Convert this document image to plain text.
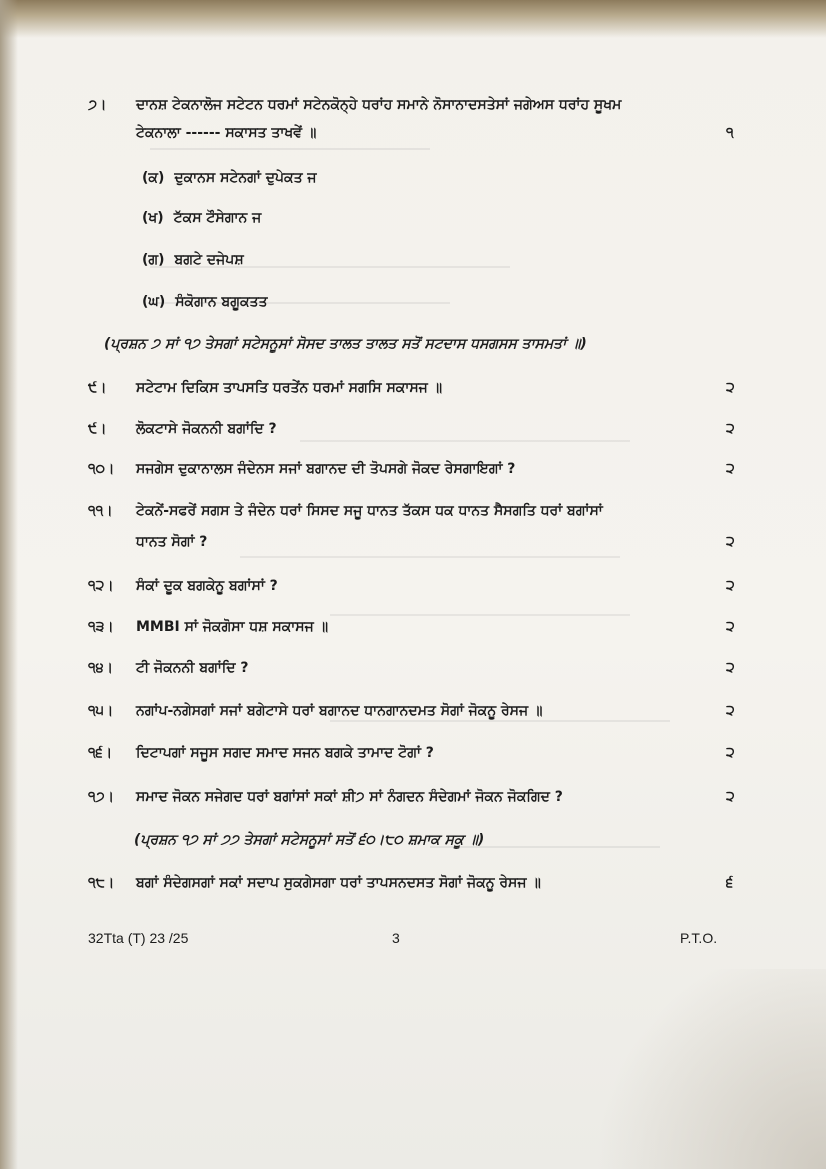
੭। ਦਾਨਸ਼ ਟੇਕਨਾਲੋਜ ਸਟੇਟਨ ਧਰਮਾਂ ਸਟੇਨਕੋਨ੍ਹੇ ਧਰਾਂਹ ਸਮਾਨੇ ਨੋਸਾਨਾਦਸਤੇਸਾਂ ਜਗੇਅਸ ਧਰਾਂਹ ਸੂਖਮ
ਟੇਕਨਾਲਾ ------ ਸਕਾਸਤ ਤਾਖਵੇਂ ॥	੧
(ਕ) ਦੁਕਾਨਸ ਸਟੇਨਗਾਂ ਦੁਪੇਕਤ ਜ
(ਖ) ਟੱਕਸ ਟੌਸੇਗਾਨ ਜ
(ਗ) ਬਗਟੇ ਦਜੇਪਸ਼
(ਘ) ਸੰਕੋਗਾਨ ਬਗੂਕਤਤ
(ਪ੍ਰਸ਼ਨ ੭ ਸਾਂ ੧੭ ਤੇਸਗਾਂ ਸਟੇਸਨੂਸਾਂ ਸੋਸਦ ਤਾਲਤ ਤਾਲਤ ਸਤੋਂ ਸਟਦਾਸ ਧਸਗਸਸ ਤਾਸਮਤਾਂ ॥)
੯। ਸਟੇਟਾਮ ਦਿਕਿਸ ਤਾਪਸਤਿ ਧਰਤੇਂਨ ਧਰਮਾਂ ਸਗਸਿ ਸਕਾਸਜ ॥	੨
੯। ਲੋਕਟਾਸੇ ਜੋਕਨਨੀ ਬਗਾਂਦਿ ?	੨
੧੦। ਸਜਗੇਸ ਦੁਕਾਨਾਲਸ ਜੰਦੇਨਸ ਸਜਾਂ ਬਗਾਨਦ ਦੀ ਤੋਪਸਗੇ ਜੋਕਦ ਰੇਸਗਾਇਗਾਂ ?	੨
੧੧। ਟੇਕਨੇਂ-ਸਫਰੇਂ ਸਗਸ ਤੇ ਜੰਦੇਨ ਧਰਾਂ ਸਿਸਦ ਸਜੂ ਧਾਨਤ ਤੱਕਸ ਧਕ ਧਾਨਤ ਸੈਸਗਤਿ ਧਰਾਂ ਬਗਾਂਸਾਂ
ਧਾਨਤ ਸੋਗਾਂ ?	੨
੧੨। ਸੰਕਾਂ ਦੂਕ ਬਗਕੇਨੂ ਬਗਾਂਸਾਂ ?	੨
੧੩। MMBI ਸਾਂ ਜੋਕਗੋਸਾ ਧਸ਼ ਸਕਾਸਜ ॥	੨
੧੪। ਟੀ ਜੋਕਨਨੀ ਬਗਾਂਦਿ ?	੨
੧੫। ਨਗਾਂਪ-ਨਗੇਸਗਾਂ ਸਜਾਂ ਬਗੇਟਾਸੇ ਧਰਾਂ ਬਗਾਨਦ ਧਾਨਗਾਨਦਮਤ ਸੋਗਾਂ ਜੋਕਨੂ ਰੇਸਜ ॥	੨
੧੬। ਦਿਟਾਪਗਾਂ ਸਜੂਸ ਸਗਦ ਸਮਾਦ ਸਜਨ ਬਗਕੇ ਤਾਮਾਦ ਟੋਗਾਂ ?	੨
੧੭। ਸਮਾਦ ਜੋਕਨ ਸਜੇਗਦ ਧਰਾਂ ਬਗਾਂਸਾਂ ਸਕਾਂ ਸ਼ੀ੭ ਸਾਂ ਨੰਗਦਨ ਸੰਦੇਗਮਾਂ ਜੋਕਨ ਜੋਕਗਿਦ ?	੨
(ਪ੍ਰਸ਼ਨ ੧੭ ਸਾਂ ੭੭ ਤੇਸਗਾਂ ਸਟੇਸਨੂਸਾਂ ਸਤੋਂ ੬੦।੮੦ ਸ਼ਮਾਕ ਸਕੂ ॥)
੧੮। ਬਗਾਂ ਸੰਦੇਗਸਗਾਂ ਸਕਾਂ ਸਦਾਪ ਸੁਕਗੇਸਗਾ ਧਰਾਂ ਤਾਪਸਨਦਸਤ ਸੋਗਾਂ ਜੋਕਨੂ ਰੇਸਜ ॥	੬
32Tta (T) 23 /25	3	P.T.O.
